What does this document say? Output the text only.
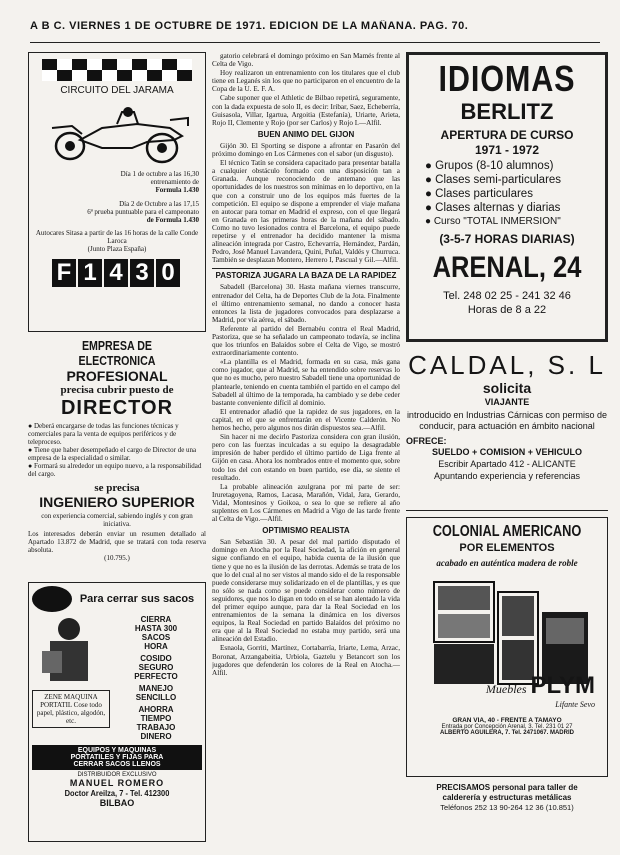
A B C. VIERNES 1 DE OCTUBRE DE 1971. EDICION DE LA MAÑANA. PAG. 70.
CIRCUITO DEL JARAMA
Día 1 de octubre a las 16,30
entrenamiento de
Formula 1.430
Día 2 de Octubre a las 17,15
6ª prueba puntuable para el campeonato
de Formula 1.430
Autocares Sitasa a partir de las 16 horas de la calle Conde Laroca
(Junto Plaza España)
F 1 4 3 0
EMPRESA DE ELECTRONICA
PROFESIONAL
precisa cubrir puesto de
DIRECTOR
● Deberá encargarse de todas las funciones técnicas y comerciales para la venta de equipos periféricos y de teleproceso.
● Tiene que haber desempeñado el cargo de Director de una empresa de la especialidad o similar.
● Formará su alrededor un equipo nuevo, a la responsabilidad del cargo.
se precisa
INGENIERO SUPERIOR
con experiencia comercial, sabiendo inglés y con gran iniciativa.
Los interesados deberán enviar un resumen detallado al Apartado 13.872 de Madrid, que se tratará con toda reserva absoluta.
(10.795.)
Para cerrar sus sacos
ZENE MAQUINA PORTATIL Cose todo papel, plástico, algodón, etc.
CIERRA
HASTA 300
SACOS
HORA
COSIDO
SEGURO
PERFECTO
MANEJO
SENCILLO
AHORRA
TIEMPO
TRABAJO
DINERO
EQUIPOS Y MAQUINAS
PORTATILES Y FIJAS PARA
CERRAR SACOS LLENOS
DISTRIBUIDOR EXCLUSIVO
MANUEL ROMERO
Doctor Areilza, 7 - Tel. 412300
BILBAO

gatorio celebrará el domingo próximo en San Mamés frente al Celta de Vigo.

Hoy realizaron un entrenamiento con los titulares que el club tiene en Leganés sin los que no participaron en el encuentro de la Copa de la U. E. F. A.

Cabe suponer que el Athletic de Bilbao repetirá, seguramente, con la dada expuesta de solo II, es decir: Iribar, Saez, Echeberría, Guisasola, Villar, Igartua, Argoitia (Estefanía), Uriarte, Arieta, Rojo II, Clemente y Rojo (por ser Carlos) y Rojo I.—Alfil.

BUEN ANIMO DEL GIJON

Gijón 30. El Sporting se dispone a afrontar en Pasarón del próximo domingo en Los Cármenes con el sabor (un disgusto).

El técnico Tatín se considera capacitado para presentar batalla a cualquier obstáculo formado con una disposición tan a Granada. Aunque reconociendo de antemano que las oportunidades de los nuestros son mínimas en lo deportivo, en la que con a construir uno de los equipos más fuertes de la competición. El equipo se dispone a emprender el viaje mañana en autocar para tomar en Madrid el expreso, con el que llegará en Granada en las primeras horas de la mañana del sábado. Como no tuvo lesionados contra el Barcelona, el equipo puede repetirse y el entrenador ha decidido mantener la misma alineación integrada por Castro, Echevarría, Hernández, Pardán, Pedro, José Manuel Lavandera, Quini, Puñal, Valdés y Churruca. También se desplazan Montero, Herrero I, Pascual y Gil.—Alfil.

PASTORIZA JUGARA LA BAZA DE LA RAPIDEZ

Sabadell (Barcelona) 30. Hasta mañana viernes transcurre, entrenador del Celta, ha de Deportes Club de la Jota. Finalmente el último entrenamiento semanal, no dando a conocer hasta entonces la lista de jugadores convocados para desplazarse a Madrid, por vía aérea, el sábado.

Referente al partido del Bernabéu contra el Real Madrid, Pastoriza, que se ha señalado un campeonato todavía, se inclina que los triunfos en Balaídos sobre el Celta de Vigo, se mostró extraordinariamente contento.

«La plantilla es el Madrid, formada en su casa, más gana como jugador, que al Madrid, se ha entendido sobre reservas lo que no es mucho, pero nuestro Sabadell tiene una oportunidad de plantearle, teniendo en cuenta también el partido en el campo del Sabadell al último de la temporada, ha cambiado y se debe ceder bastante conveniente difícil al dominio.

El entrenador añadió que la rapidez de sus jugadores, en la capital, en el que se enfrentarán en el Vicente Calderón. No hemos hecho, pero algunos nos dirán dispuestos sea.—Alfil.

Sin hacer ni me decirlo Pastoriza considera con gran ilusión, pero con las fuerzas inculcadas a su equipo la desagradable impresión de haber perdido el último partido de Liga frente al Gijón en casa. Ahora los nombrados entre el momento que, sobre todo los del con estando en buen partido, ese día, se siente el resultado.

La probable alineación azulgrana por mi parte de ser: Iruretagoyena, Ramos, Lacasa, Marañón, Vidal, Jara, Gerardo, Vidal, Montesinos y Goikoa, o sea lo que se refiere al año suplentes en Los Cármenes en Madrid a Vigo de las tarde frente al Celta de Vigo.—Alfil.

OPTIMISMO REALISTA

San Sebastián 30. A pesar del mal partido disputado el domingo en Atocha por la Real Sociedad, la afición en general sigue confiando en el equipo, habida cuenta de la ilusión que tiene y que no es la ilusión de las derrotas. Además se trata de los que lo del cual al no ser vistos al mando sido el de la responsable puede considerarse muy solidarizado en el de plantillas, y es que no sólo se nada como se puede considerar como número de seguidores, que nos lo digan en todo en el se han alentado la vida del primer equipo aunque, para dar la Real Sociedad en los entrenamientos de la semana la dinámica en los diversos equipos, la Real Sociedad en partido Balaídos del próximo no era que al la Real Sociedad no estaba muy partido, será una alineación del Estadio.

Esnaola, Gorriti, Martínez, Cortabarría, Iriarte, Lema, Arzac, Boronat, Arzangabeitia, Urbiola, Gaztelu y Betancort son los jugadores que defenderán los colores de la Real en Atocha.—Alfil.

IDIOMAS
BERLITZ
APERTURA DE CURSO
1971 - 1972
● Grupos (8-10 alumnos)
● Clases semi-particulares
● Clases particulares
● Clases alternas y diarias
● Curso "TOTAL INMERSION"
(3-5-7 HORAS DIARIAS)
ARENAL, 24
Tel. 248 02 25 - 241 32 46
Horas de 8 a 22
CALDAL, S. L
solicita
VIAJANTE
introducido en Industrias Cárnicas con permiso de conducir, para actuación en ámbito nacional
OFRECE:
SUELDO + COMISION + VEHICULO
Escribir Apartado 412 - ALICANTE
Apuntando experiencia y referencias
COLONIAL AMERICANO
POR ELEMENTOS
acabado en auténtica madera de roble
Muebles PLYM
Lifante Sevo
GRAN VIA, 40 - FRENTE A TAMAYO
Entrada por Concepción Arenal, 3. Tel. 231 01 27
ALBERTO AGUILERA, 7. Tel. 2471067. MADRID
PRECISAMOS personal para taller de
calderería y estructuras metálicas
Teléfonos 252 13 90-264 12 36 (10.851)
